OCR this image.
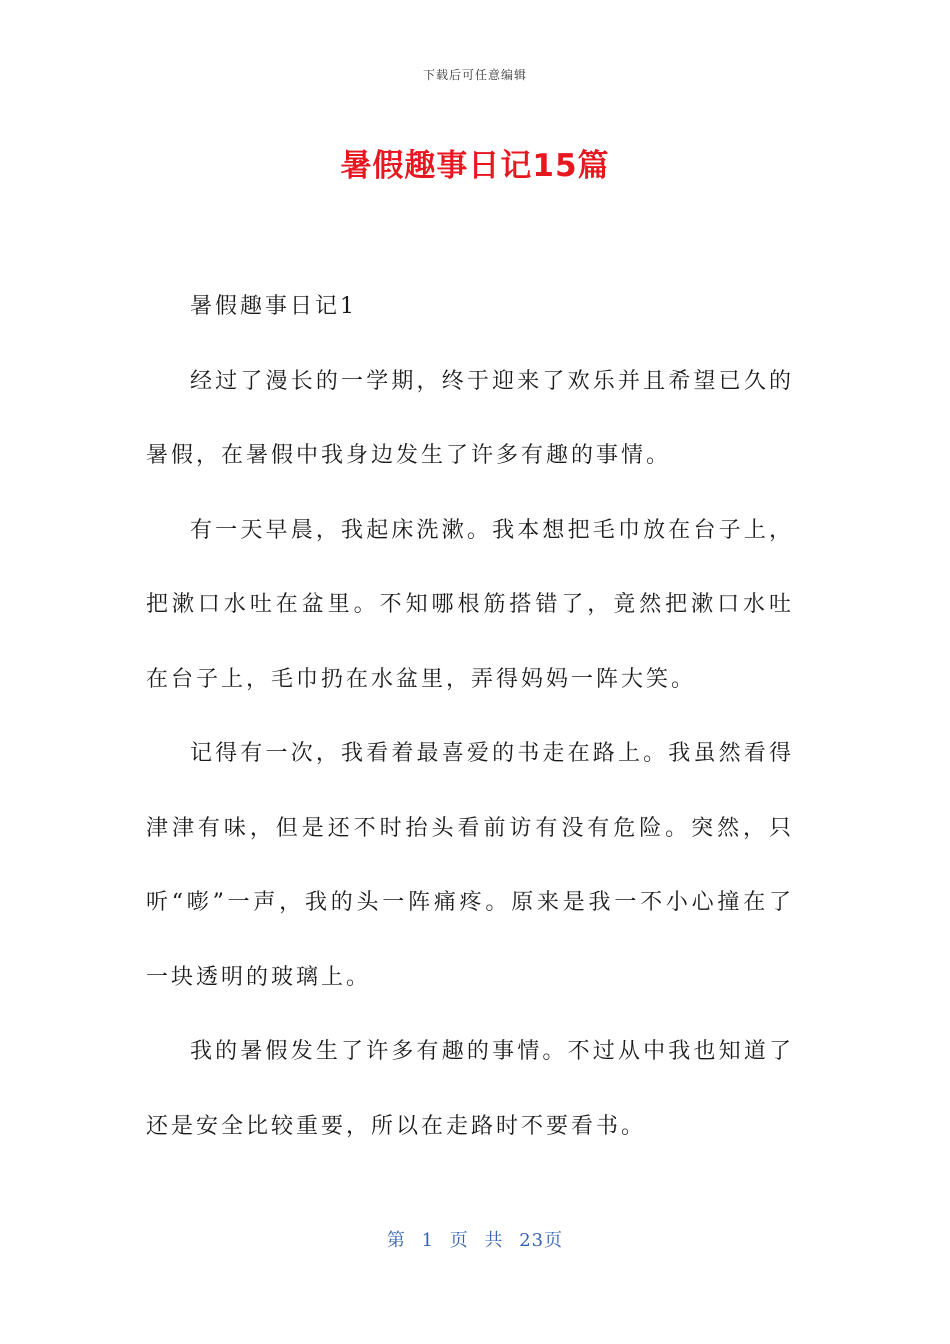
下载后可任意编辑
暑假趣事日记15篇

暑假趣事日记1

经过了漫长的一学期，终于迎来了欢乐并且希望已久的暑假，在暑假中我身边发生了许多有趣的事情。

有一天早晨，我起床洗漱。我本想把毛巾放在台子上，把漱口水吐在盆里。不知哪根筋搭错了，竟然把漱口水吐在台子上，毛巾扔在水盆里，弄得妈妈一阵大笑。

记得有一次，我看着最喜爱的书走在路上。我虽然看得津津有味，但是还不时抬头看前访有没有危险。突然，只听“嘭”一声，我的头一阵痛疼。原来是我一不小心撞在了一块透明的玻璃上。

我的暑假发生了许多有趣的事情。不过从中我也知道了还是安全比较重要，所以在走路时不要看书。

第 1 页 共 23页
